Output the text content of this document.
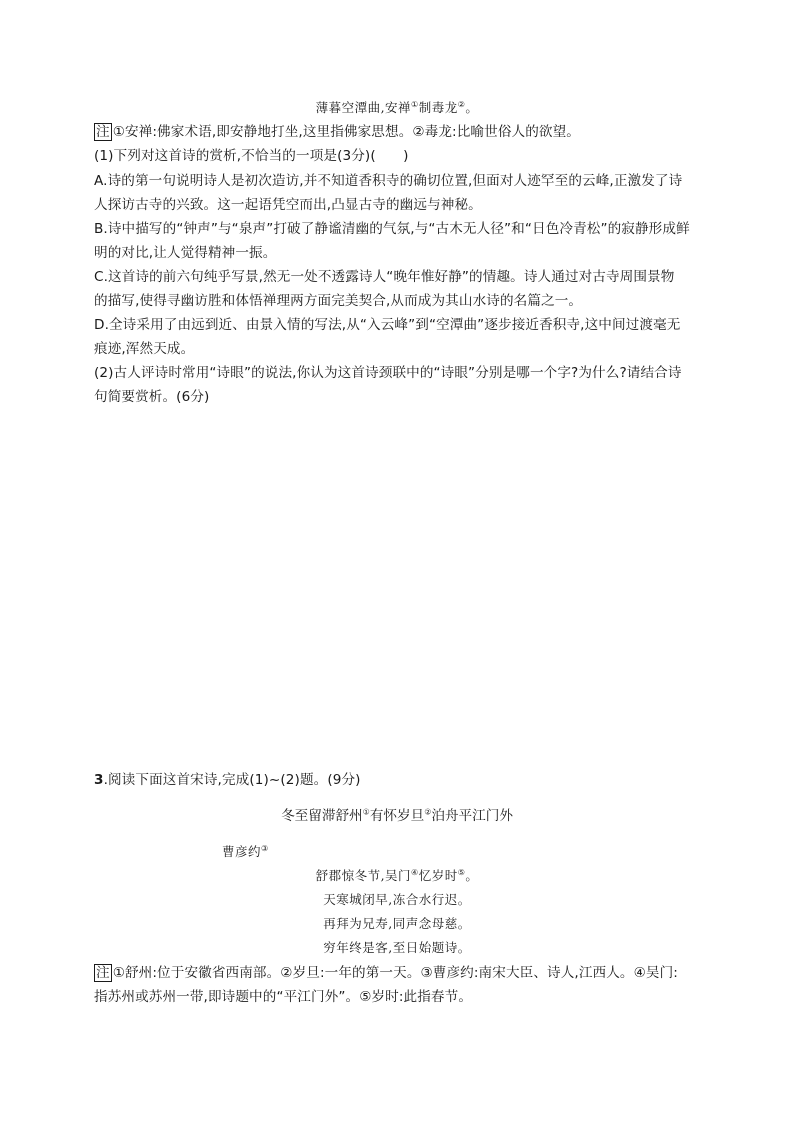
薄暮空潭曲,安禅①制毒龙②。
注 ①安禅:佛家术语,即安静地打坐,这里指佛家思想。②毒龙:比喻世俗人的欲望。
(1)下列对这首诗的赏析,不恰当的一项是(3分)(　　)
A.诗的第一句说明诗人是初次造访,并不知道香积寺的确切位置,但面对人迹罕至的云峰,正激发了诗
人探访古寺的兴致。这一起语凭空而出,凸显古寺的幽远与神秘。
B.诗中描写的“钟声”与“泉声”打破了静谧清幽的气氛,与“古木无人径”和“日色冷青松”的寂静形成鲜
明的对比,让人觉得精神一振。
C.这首诗的前六句纯乎写景,然无一处不透露诗人“晚年惟好静”的情趣。诗人通过对古寺周围景物
的描写,使得寻幽访胜和体悟禅理两方面完美契合,从而成为其山水诗的名篇之一。
D.全诗采用了由远到近、由景入情的写法,从“入云峰”到“空潭曲”逐步接近香积寺,这中间过渡毫无
痕迹,浑然天成。
(2)古人评诗时常用“诗眼”的说法,你认为这首诗颈联中的“诗眼”分别是哪一个字?为什么?请结合诗
句简要赏析。(6分)
3.阅读下面这首宋诗,完成(1)~(2)题。(9分)
冬至留滞舒州①有怀岁旦②泊舟平江门外
曹彦约③
舒郡惊冬节,吴门④忆岁时⑤。
天寒城闭早,冻合水行迟。
再拜为兄寿,同声念母慈。
穷年终是客,至日始题诗。
注 ①舒州:位于安徽省西南部。②岁旦:一年的第一天。③曹彦约:南宋大臣、诗人,江西人。④吴门:
指苏州或苏州一带,即诗题中的“平江门外”。⑤岁时:此指春节。
